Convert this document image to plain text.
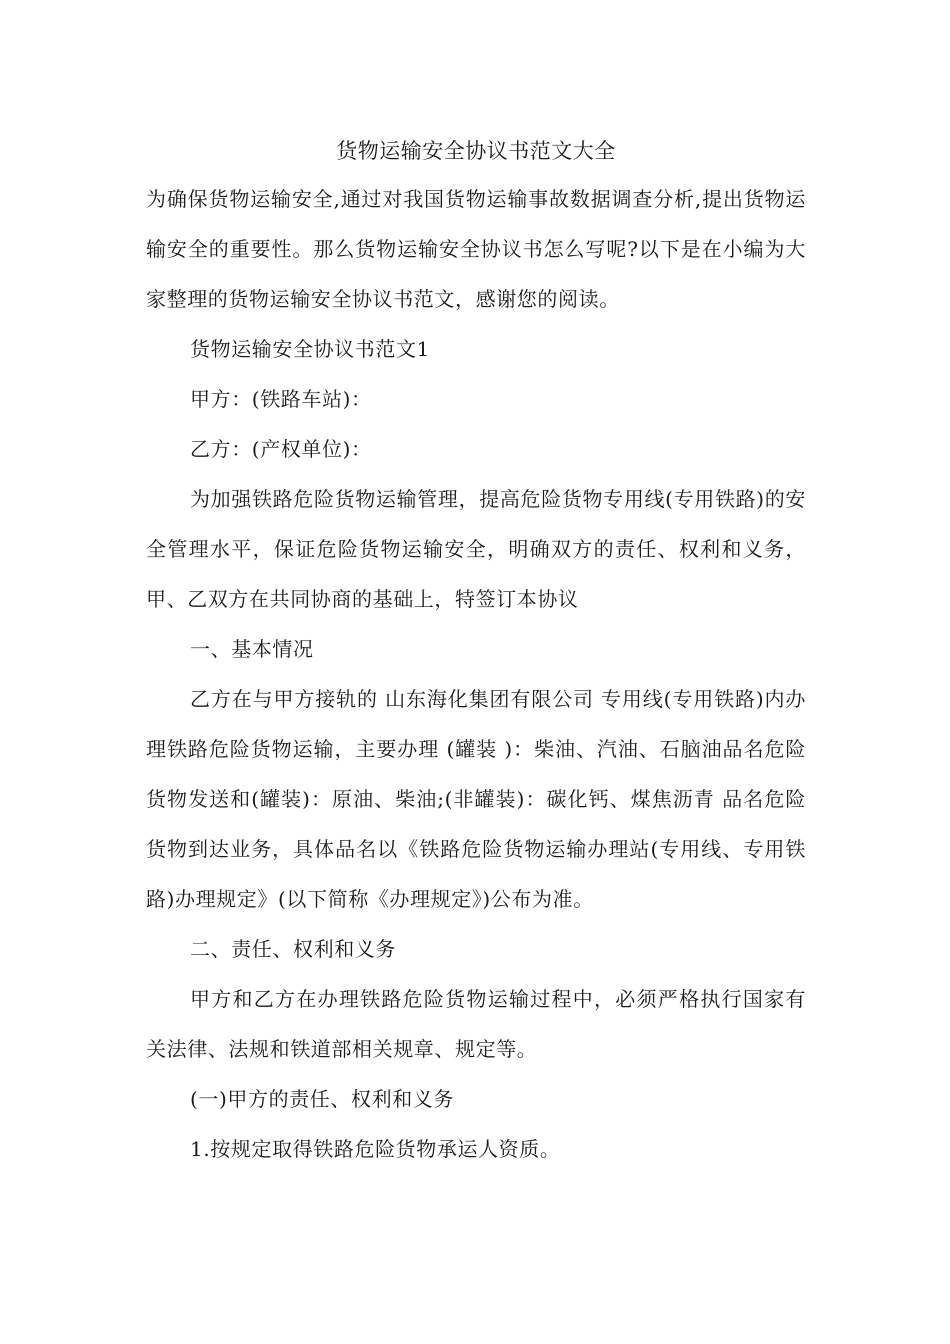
货物运输安全协议书范文大全

为确保货物运输安全,通过对我国货物运输事故数据调查分析,提出货物运输安全的重要性。那么货物运输安全协议书怎么写呢?以下是在小编为大家整理的货物运输安全协议书范文，感谢您的阅读。

货物运输安全协议书范文1

甲方：(铁路车站)：

乙方：(产权单位)：

为加强铁路危险货物运输管理，提高危险货物专用线(专用铁路)的安全管理水平，保证危险货物运输安全，明确双方的责任、权利和义务，甲、乙双方在共同协商的基础上，特签订本协议

一、基本情况

乙方在与甲方接轨的 山东海化集团有限公司 专用线(专用铁路)内办理铁路危险货物运输，主要办理 (罐装 )：柴油、汽油、石脑油品名危险货物发送和(罐装)：原油、柴油;(非罐装)：碳化钙、煤焦沥青 品名危险货物到达业务，具体品名以《铁路危险货物运输办理站(专用线、专用铁路)办理规定》(以下简称《办理规定》)公布为准。

二、责任、权利和义务

甲方和乙方在办理铁路危险货物运输过程中，必须严格执行国家有关法律、法规和铁道部相关规章、规定等。

(一)甲方的责任、权利和义务

1.按规定取得铁路危险货物承运人资质。
